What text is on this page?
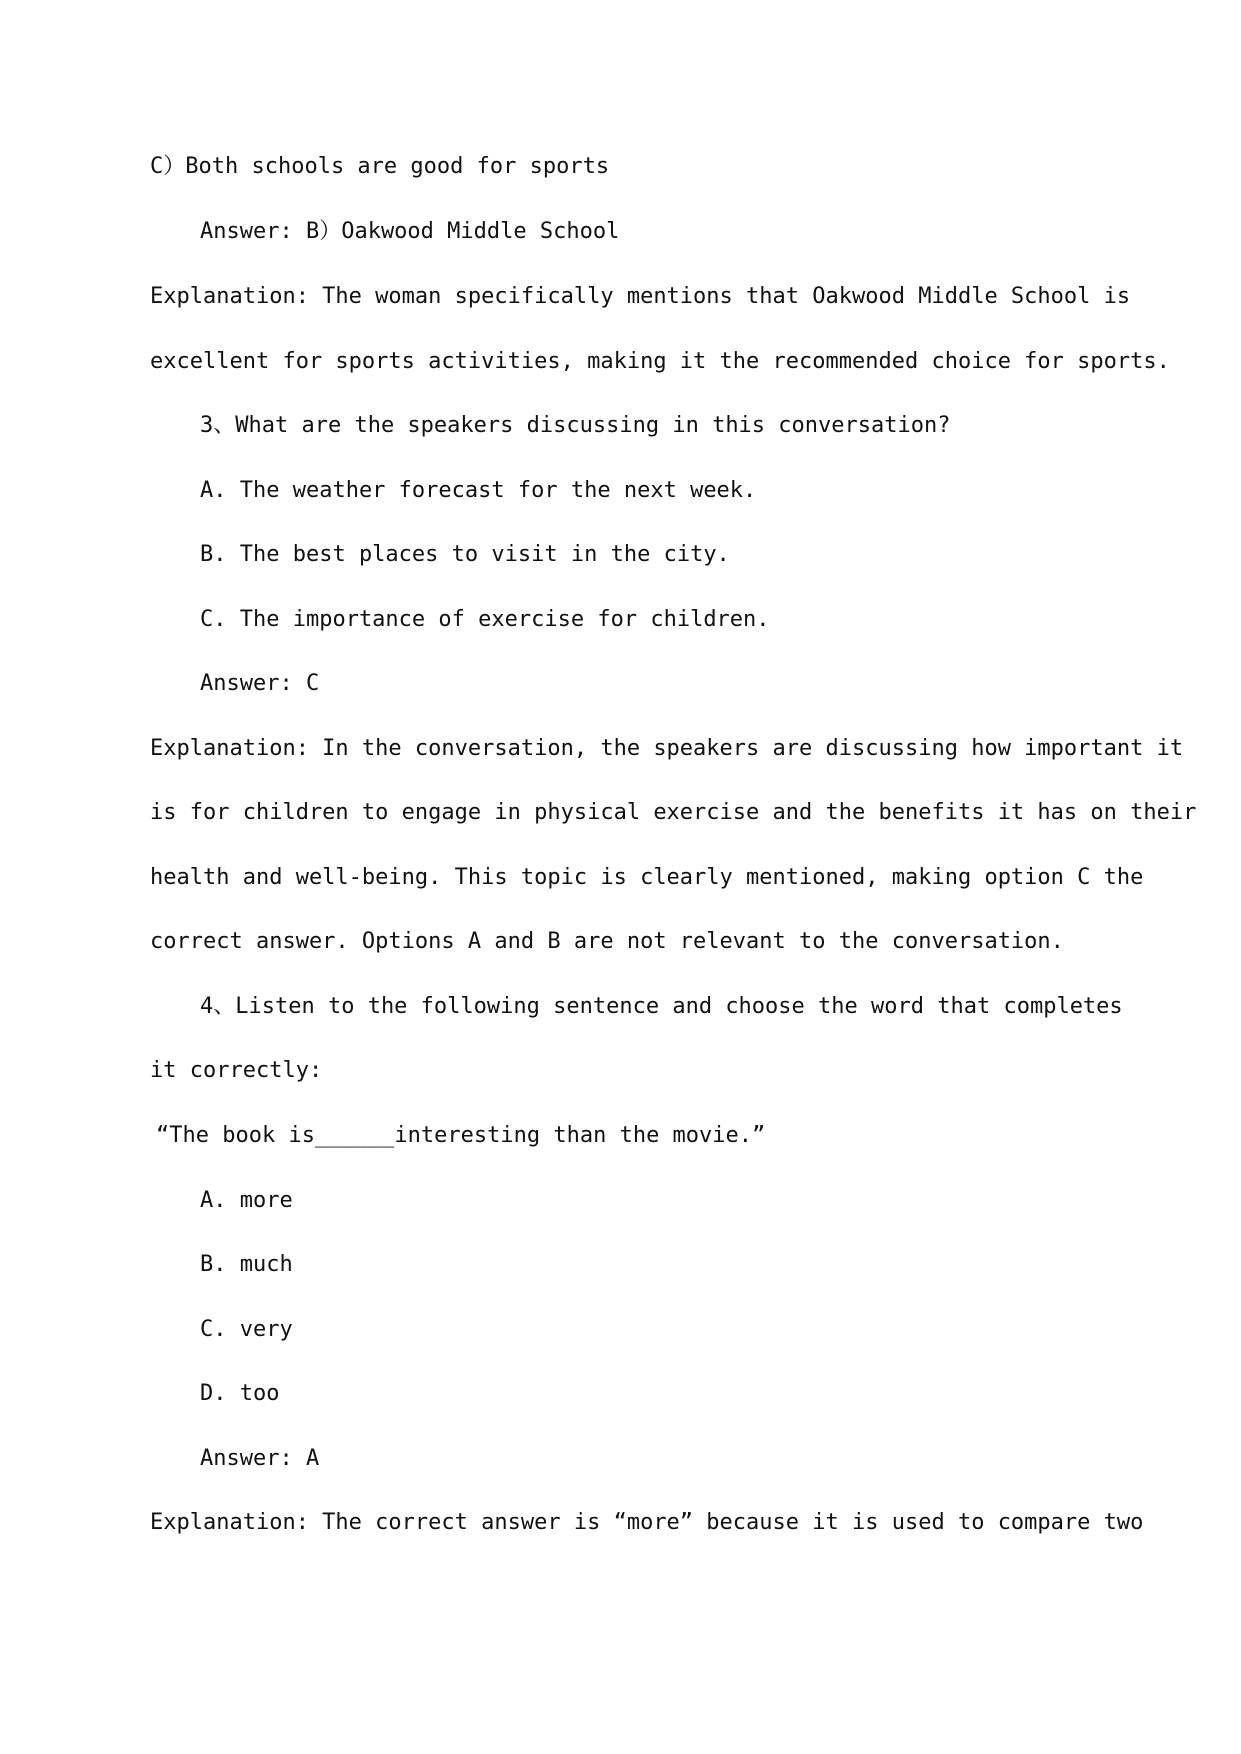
C）Both schools are good for sports
Answer: B）Oakwood Middle School
Explanation: The woman specifically mentions that Oakwood Middle School is
excellent for sports activities, making it the recommended choice for sports.
3、What are the speakers discussing in this conversation?
A. The weather forecast for the next week.
B. The best places to visit in the city.
C. The importance of exercise for children.
Answer: C
Explanation: In the conversation, the speakers are discussing how important it
is for children to engage in physical exercise and the benefits it has on their
health and well-being. This topic is clearly mentioned, making option C the
correct answer. Options A and B are not relevant to the conversation.
4、Listen to the following sentence and choose the word that completes
it correctly:
“The book is______interesting than the movie.”
A. more
B. much
C. very
D. too
Answer: A
Explanation: The correct answer is “more” because it is used to compare two
